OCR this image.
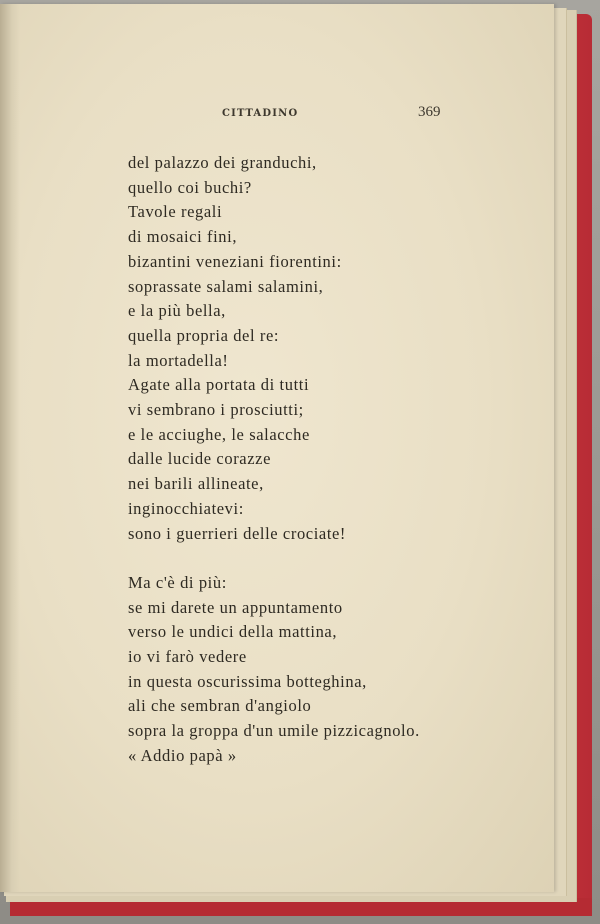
CITTADINO	369
del palazzo dei granduchi,
quello coi buchi?
Tavole regali
di mosaici fini,
bizantini veneziani fiorentini:
soprassate salami salamini,
e la più bella,
quella propria del re:
la mortadella!
Agate alla portata di tutti
vi sembrano i prosciutti;
e le acciughe, le salacche
dalle lucide corazze
nei barili allineate,
inginocchiatevi:
sono i guerrieri delle crociate!
Ma c'è di più:
se mi darete un appuntamento
verso le undici della mattina,
io vi farò vedere
in questa oscurissima botteghina,
ali che sembran d'angiolo
sopra la groppa d'un umile pizzicagnolo.
« Addio papà »
